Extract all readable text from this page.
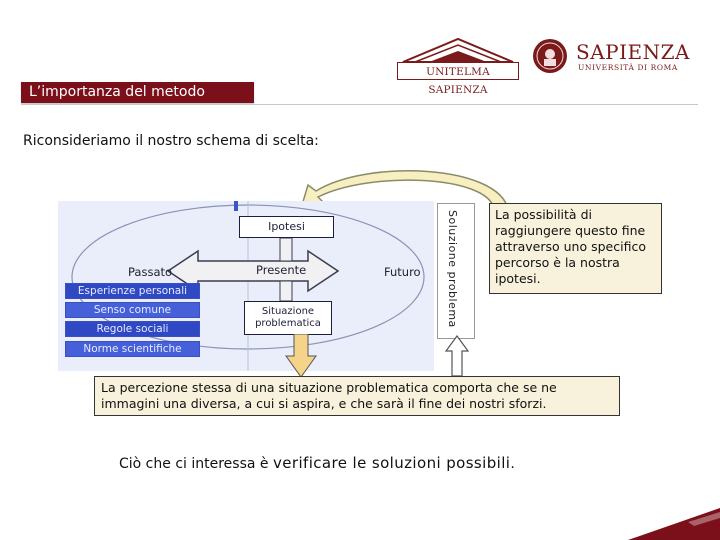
UNITELMA SAPIENZA
SAPIENZA
UNIVERSITÀ DI ROMA
L’importanza del metodo
Riconsideriamo il nostro schema di scelta:
Ipotesi
Situazione
problematica
Passato	Presente	Futuro
Esperienze personali
Senso comune
Regole sociali
Norme scientifiche
Soluzione problema	La possibilità di raggiungere questo fine attraverso uno specifico percorso è la nostra ipotesi.
La percezione stessa di una situazione problematica comporta che se ne immagini una diversa, a cui si aspira, e che sarà il fine dei nostri sforzi.
Ciò che ci interessa è verificare le soluzioni possibili.
